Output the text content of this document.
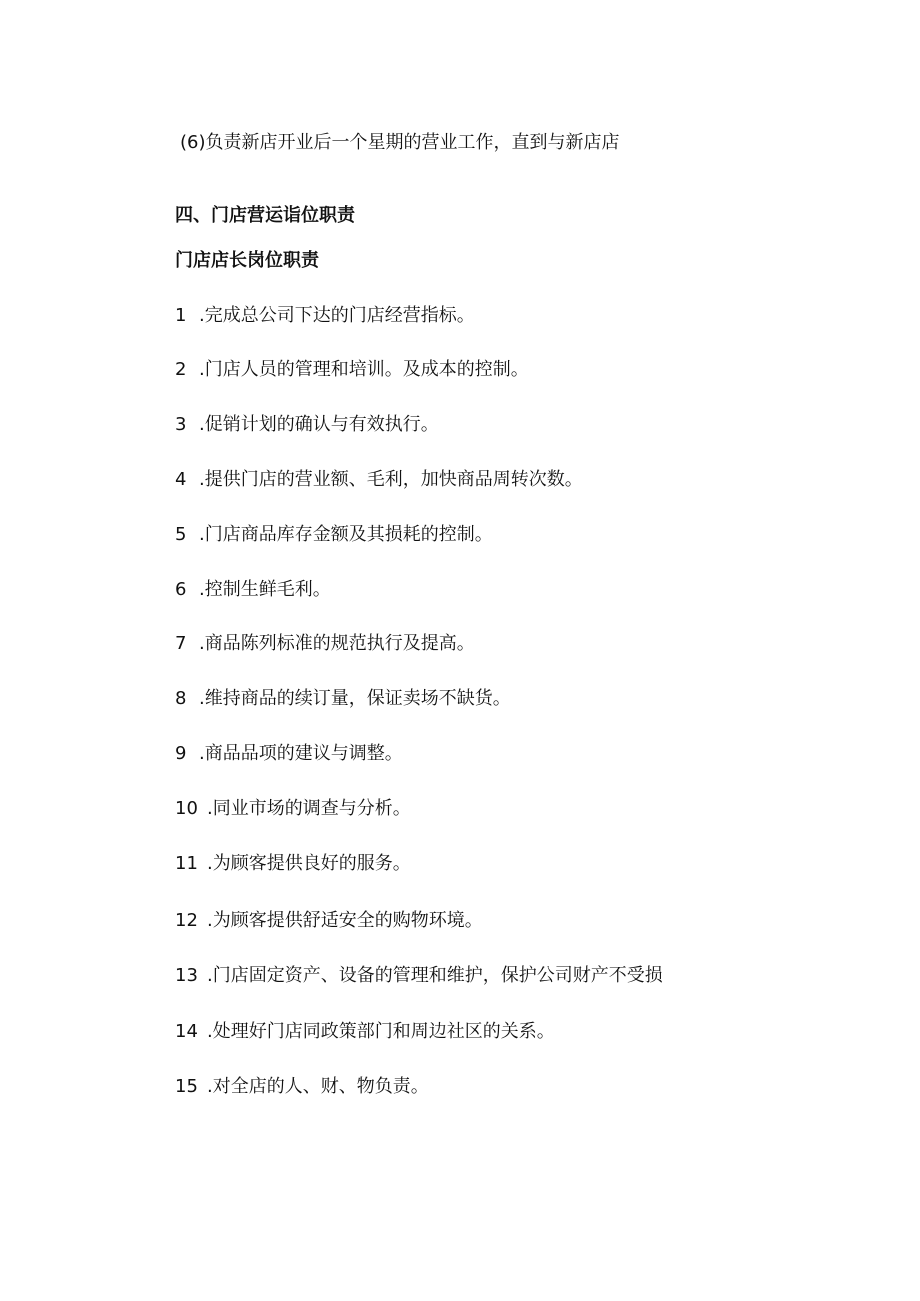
(6)负责新店开业后一个星期的营业工作，直到与新店店
四、门店营运诣位职责
门店店长岗位职责
1 .完成总公司下达的门店经营指标。
2 .门店人员的管理和培训。及成本的控制。
3 .促销计划的确认与有效执行。
4 .提供门店的营业额、毛利，加快商品周转次数。
5 .门店商品库存金额及其损耗的控制。
6 .控制生鲜毛利。
7 .商品陈列标准的规范执行及提高。
8 .维持商品的续订量，保证卖场不缺货。
9 .商品品项的建议与调整。
10 .同业市场的调查与分析。
11 .为顾客提供良好的服务。
12 .为顾客提供舒适安全的购物环境。
13 .门店固定资产、设备的管理和维护，保护公司财产不受损
14 .处理好门店同政策部门和周边社区的关系。
15 .对全店的人、财、物负责。
